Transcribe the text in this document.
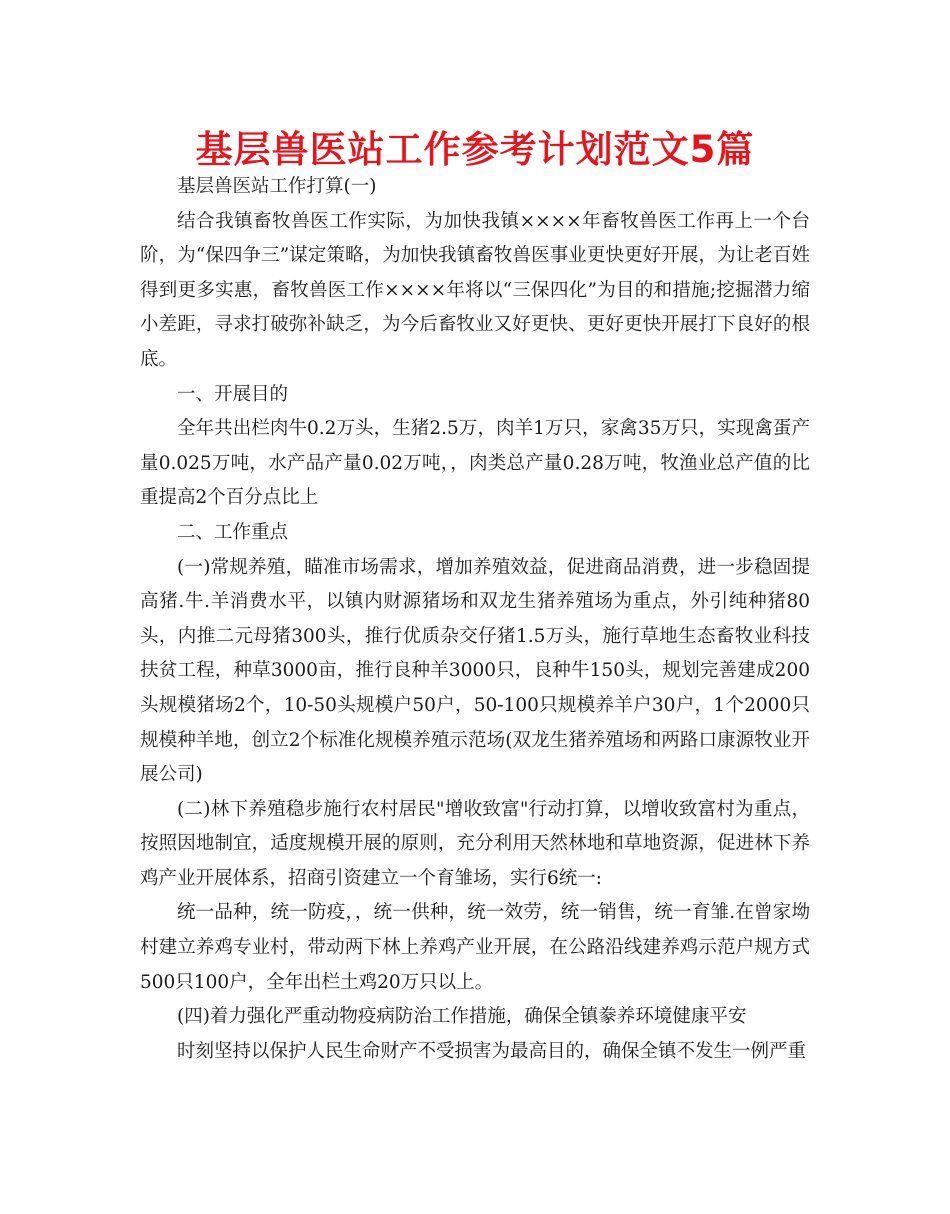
基层兽医站工作参考计划范文5篇

基层兽医站工作打算(一)

结合我镇畜牧兽医工作实际，为加快我镇××××年畜牧兽医工作再上一个台阶，为“保四争三”谋定策略，为加快我镇畜牧兽医事业更快更好开展，为让老百姓得到更多实惠，畜牧兽医工作××××年将以“三保四化”为目的和措施;挖掘潜力缩小差距，寻求打破弥补缺乏，为今后畜牧业又好更快、更好更快开展打下良好的根底。

一、开展目的

全年共出栏肉牛0.2万头，生猪2.5万，肉羊1万只，家禽35万只，实现禽蛋产量0.025万吨，水产品产量0.02万吨，，肉类总产量0.28万吨，牧渔业总产值的比重提高2个百分点比上

二、工作重点

(一)常规养殖，瞄准市场需求，增加养殖效益，促进商品消费，进一步稳固提高猪.牛.羊消费水平，以镇内财源猪场和双龙生猪养殖场为重点，外引纯种猪80头，内推二元母猪300头，推行优质杂交仔猪1.5万头，施行草地生态畜牧业科技扶贫工程，种草3000亩，推行良种羊3000只，良种牛150头，规划完善建成200头规模猪场2个，10-50头规模户50户，50-100只规模养羊户30户，1个2000只规模种羊地，创立2个标准化规模养殖示范场(双龙生猪养殖场和两路口康源牧业开展公司)

(二)林下养殖稳步施行农村居民"增收致富"行动打算，以增收致富村为重点，按照因地制宜，适度规模开展的原则，充分利用天然林地和草地资源，促进林下养鸡产业开展体系，招商引资建立一个育雏场，实行6统一:

统一品种，统一防疫，，统一供种，统一效劳，统一销售，统一育雏.在曾家坳村建立养鸡专业村，带动两下林上养鸡产业开展，在公路沿线建养鸡示范户规方式500只100户，全年出栏土鸡20万只以上。

(四)着力强化严重动物疫病防治工作措施，确保全镇豢养环境健康平安

时刻坚持以保护人民生命财产不受损害为最高目的，确保全镇不发生一例严重
